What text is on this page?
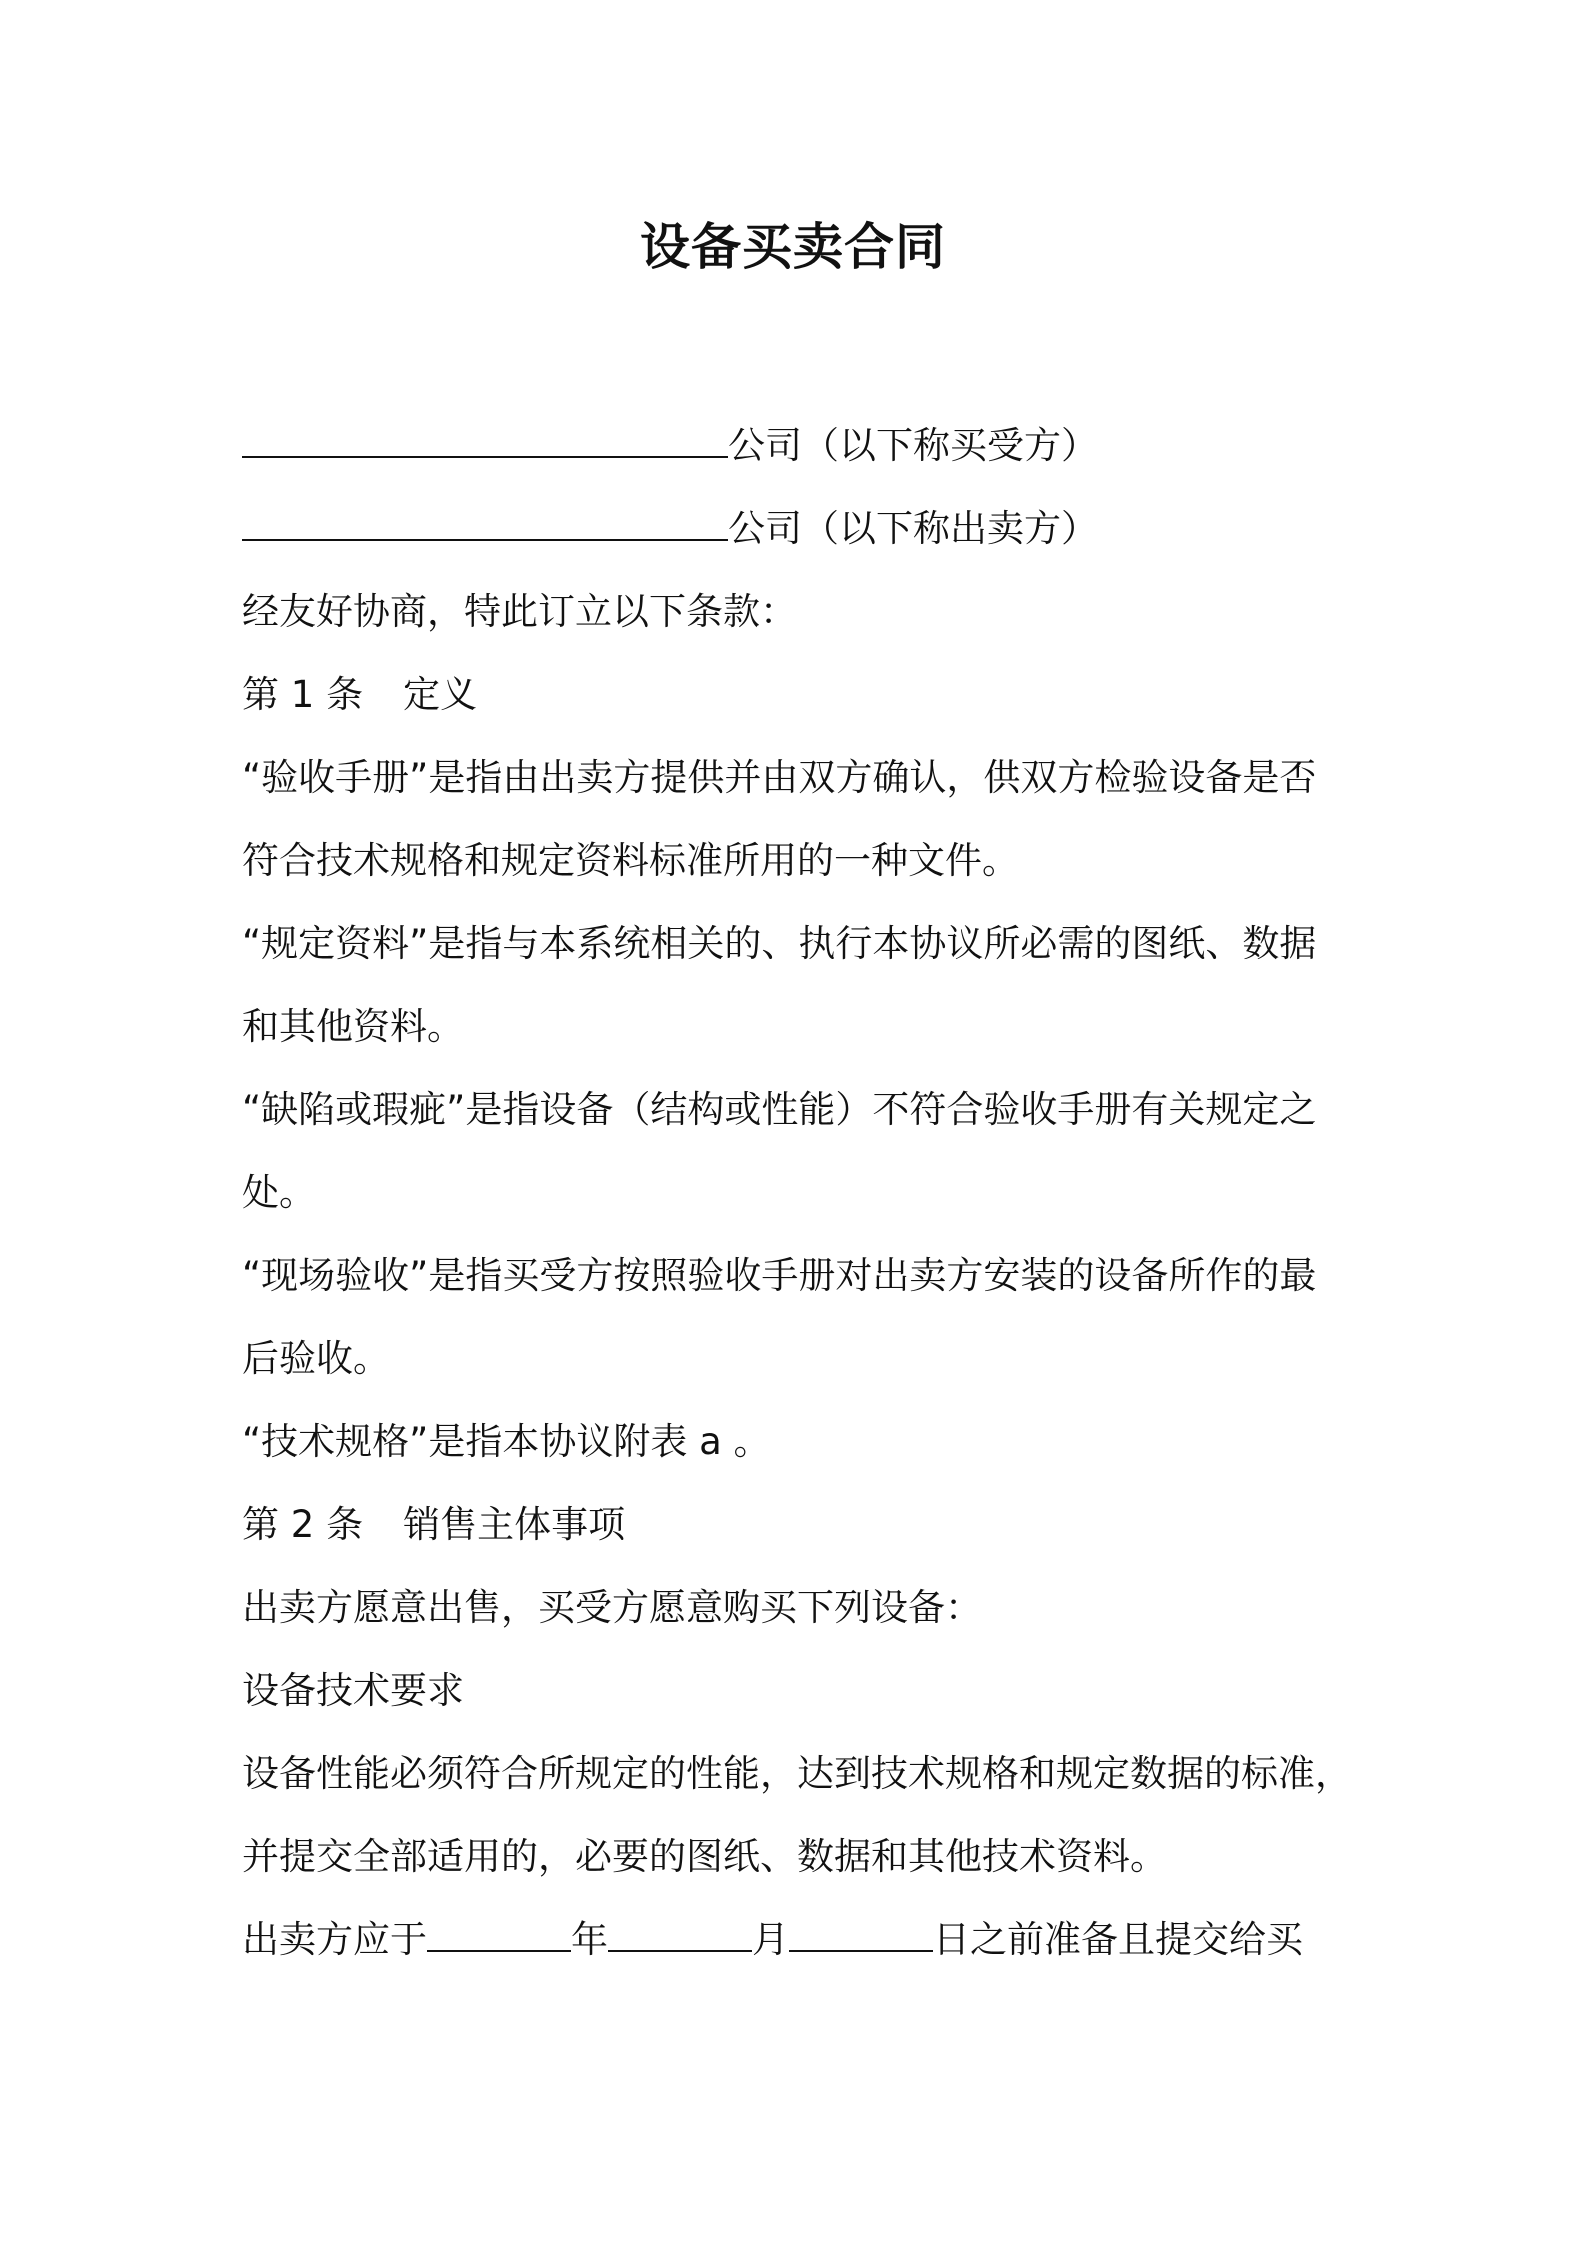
设备买卖合同
公司（以下称买受方）
公司（以下称出卖方）
经友好协商，特此订立以下条款：
第 1 条 定义
“验收手册”是指由出卖方提供并由双方确认，供双方检验设备是否
符合技术规格和规定资料标准所用的一种文件。
“规定资料”是指与本系统相关的、执行本协议所必需的图纸、数据
和其他资料。
“缺陷或瑕疵”是指设备（结构或性能）不符合验收手册有关规定之
处。
“现场验收”是指买受方按照验收手册对出卖方安装的设备所作的最
后验收。
“技术规格”是指本协议附表 a 。
第 2 条 销售主体事项
出卖方愿意出售，买受方愿意购买下列设备：
设备技术要求
设备性能必须符合所规定的性能，达到技术规格和规定数据的标准，
并提交全部适用的，必要的图纸、数据和其他技术资料。
出卖方应于	年	月	日之前准备且提交给买
